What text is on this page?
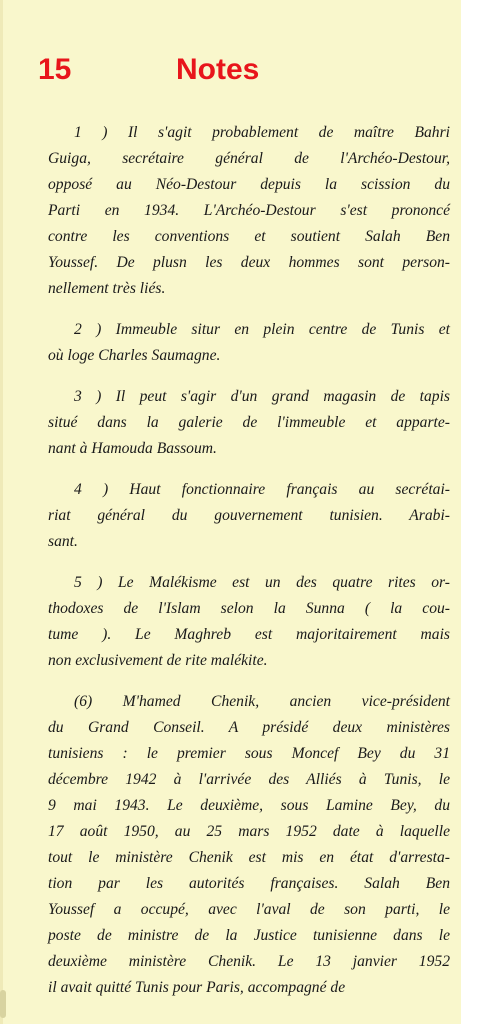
15	Notes
1 ) Il s'agit probablement de maître Bahri
Guiga, secrétaire général de l'Archéo-Destour,
opposé au Néo-Destour depuis la scission du
Parti en 1934. L'Archéo-Destour s'est prononcé
contre les conventions et soutient Salah Ben
Youssef. De plusn les deux hommes sont person-
nellement très liés.
2 ) Immeuble situr en plein centre de Tunis et
où loge Charles Saumagne.
3 ) Il peut s'agir d'un grand magasin de tapis
situé dans la galerie de l'immeuble et apparte-
nant à Hamouda Bassoum.
4 ) Haut fonctionnaire français au secrétai-
riat général du gouvernement tunisien. Arabi-
sant.
5 ) Le Malékisme est un des quatre rites or-
thodoxes de l'Islam selon la Sunna ( la cou-
tume ). Le Maghreb est majoritairement mais
non exclusivement de rite malékite.
(6) M'hamed Chenik, ancien vice-président
du Grand Conseil. A présidé deux ministères
tunisiens : le premier sous Moncef Bey du 31
décembre 1942 à l'arrivée des Alliés à Tunis, le
9 mai 1943. Le deuxième, sous Lamine Bey, du
17 août 1950, au 25 mars 1952 date à laquelle
tout le ministère Chenik est mis en état d'arresta-
tion par les autorités françaises. Salah Ben
Youssef a occupé, avec l'aval de son parti, le
poste de ministre de la Justice tunisienne dans le
deuxième ministère Chenik. Le 13 janvier 1952
il avait quitté Tunis pour Paris, accompagné de
